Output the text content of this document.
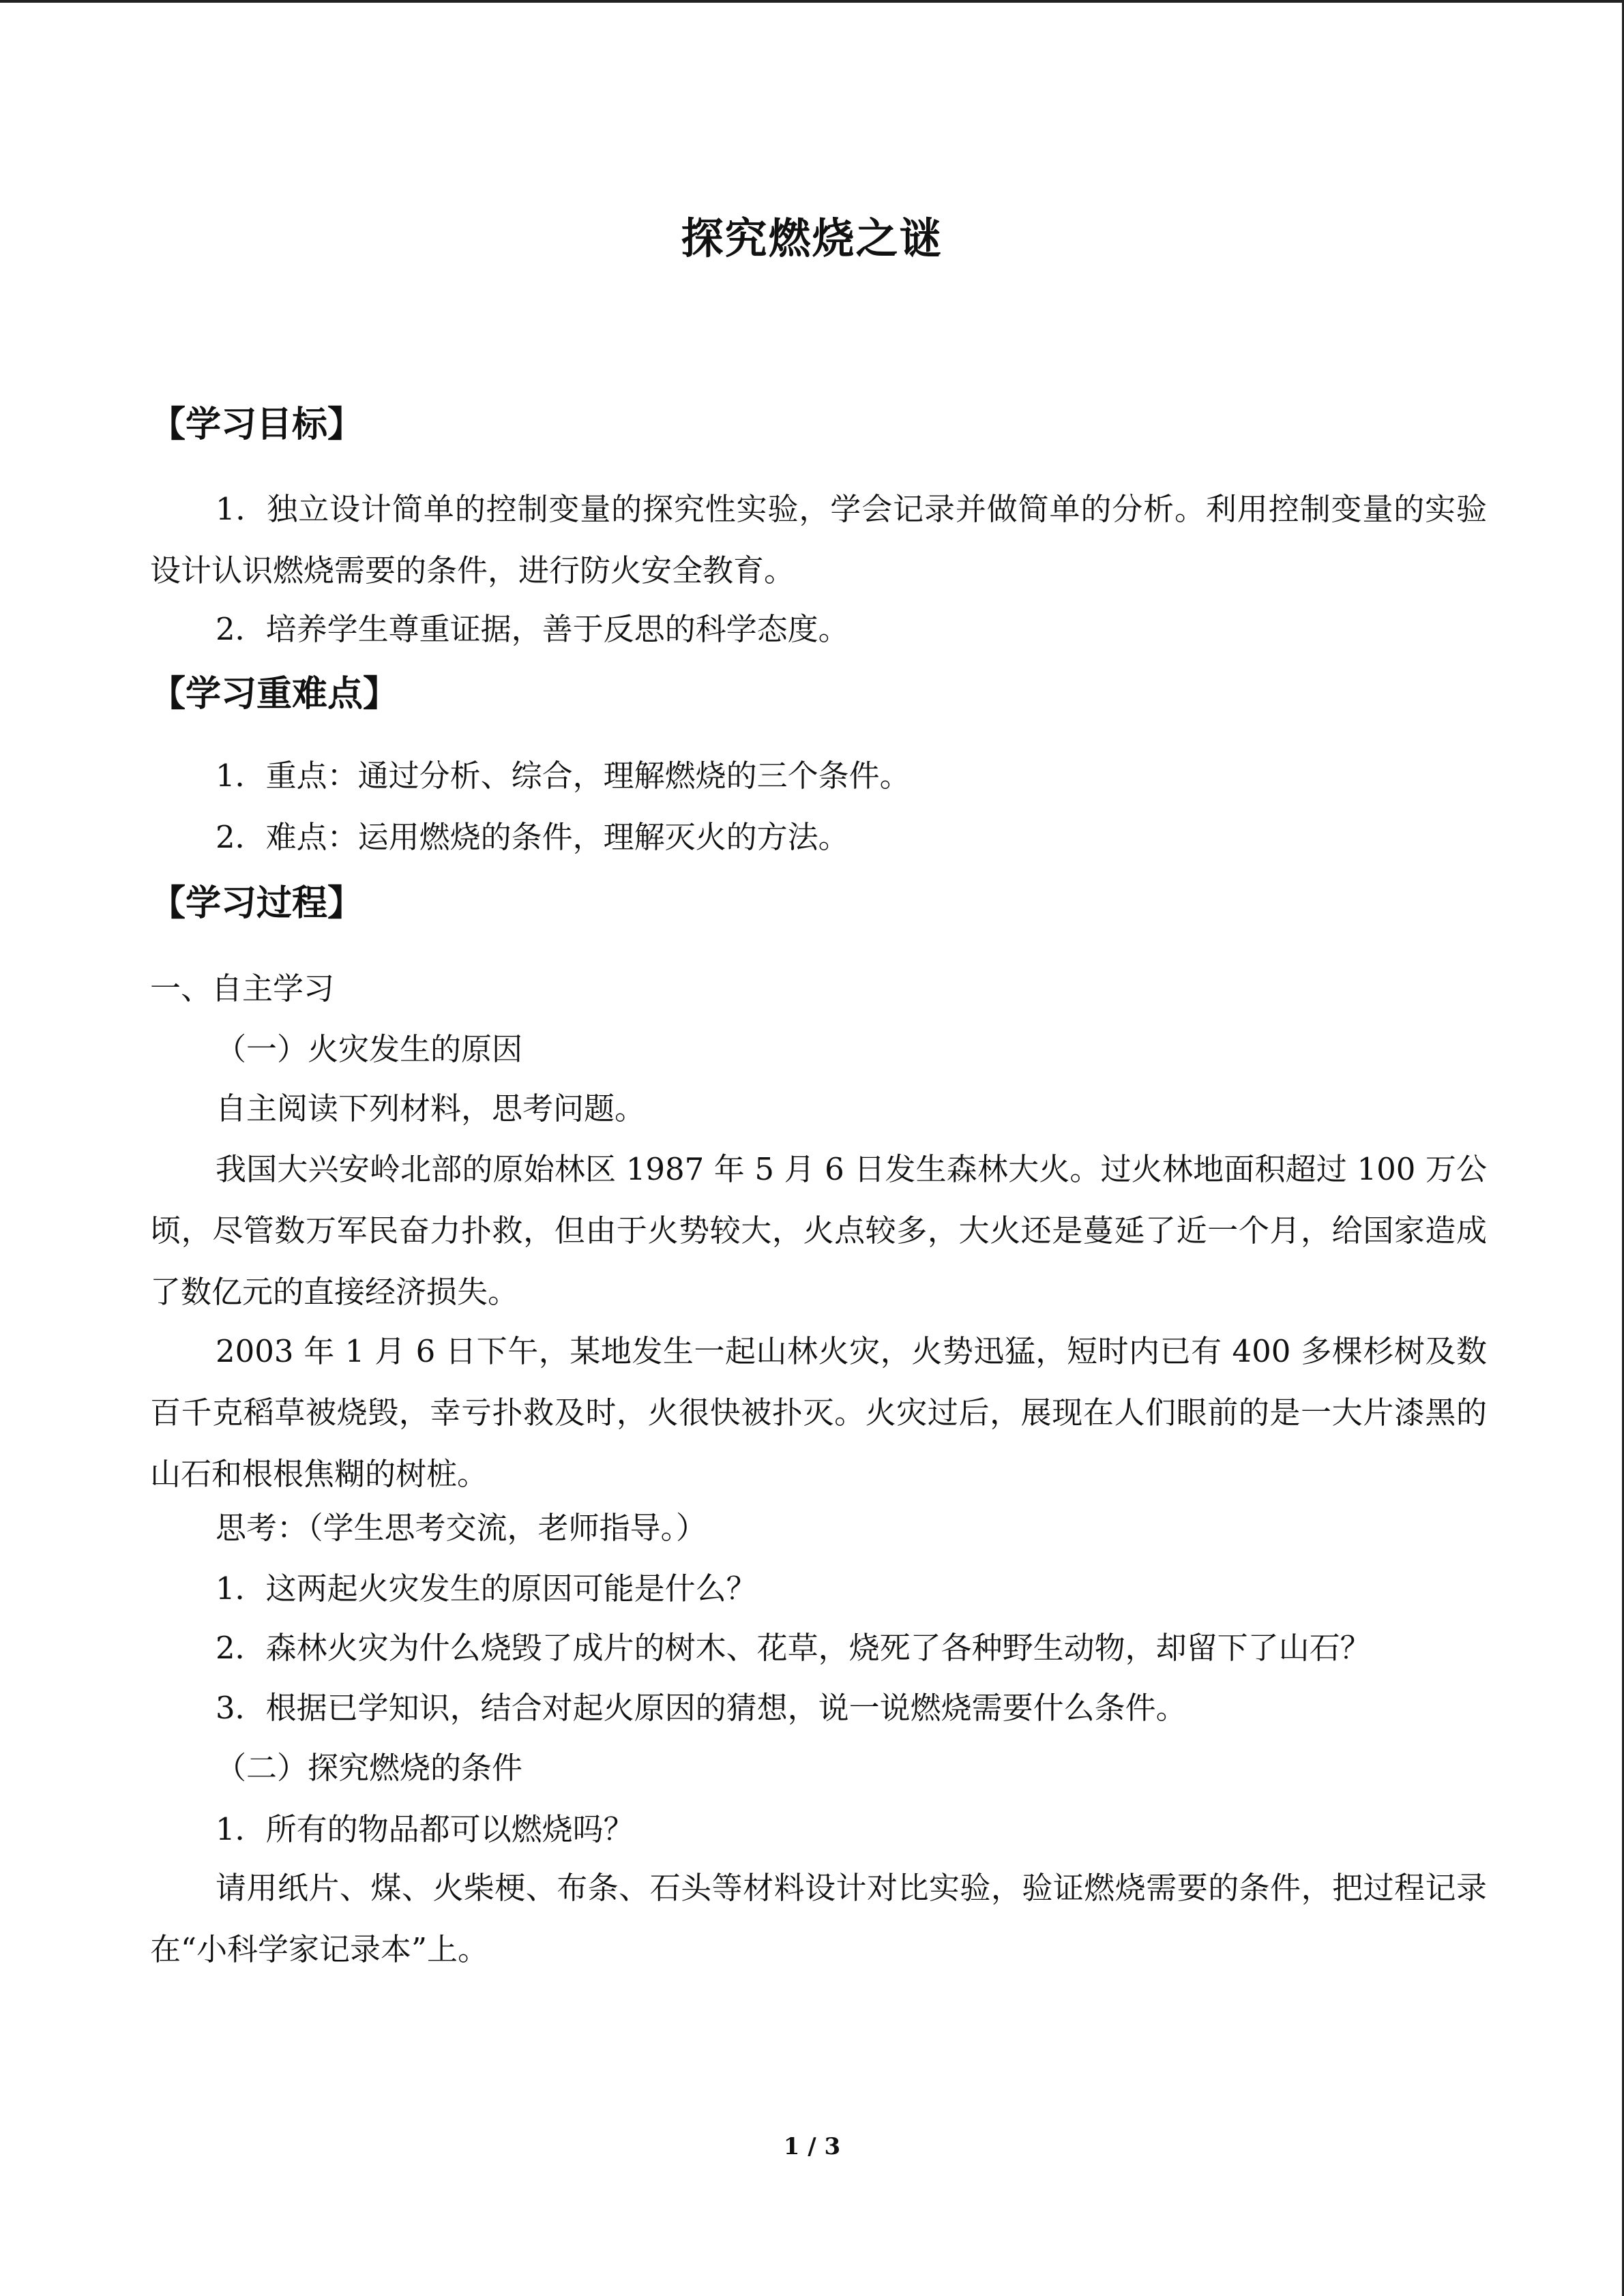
探究燃烧之谜
【学习目标】
1．独立设计简单的控制变量的探究性实验，学会记录并做简单的分析。利用控制变量的实验设计认识燃烧需要的条件，进行防火安全教育。
2．培养学生尊重证据，善于反思的科学态度。
【学习重难点】
1．重点：通过分析、综合，理解燃烧的三个条件。
2．难点：运用燃烧的条件，理解灭火的方法。
【学习过程】
一、自主学习
（一）火灾发生的原因
自主阅读下列材料，思考问题。
我国大兴安岭北部的原始林区 1987 年 5 月 6 日发生森林大火。过火林地面积超过 100 万公顷，尽管数万军民奋力扑救，但由于火势较大，火点较多，大火还是蔓延了近一个月，给国家造成了数亿元的直接经济损失。
2003 年 1 月 6 日下午，某地发生一起山林火灾，火势迅猛，短时内已有 400 多棵杉树及数百千克稻草被烧毁，幸亏扑救及时，火很快被扑灭。火灾过后，展现在人们眼前的是一大片漆黑的山石和根根焦糊的树桩。
思考：（学生思考交流，老师指导。）
1．这两起火灾发生的原因可能是什么？
2．森林火灾为什么烧毁了成片的树木、花草，烧死了各种野生动物，却留下了山石？
3．根据已学知识，结合对起火原因的猜想，说一说燃烧需要什么条件。
（二）探究燃烧的条件
1．所有的物品都可以燃烧吗？
请用纸片、煤、火柴梗、布条、石头等材料设计对比实验，验证燃烧需要的条件，把过程记录在“小科学家记录本”上。
1 / 3
